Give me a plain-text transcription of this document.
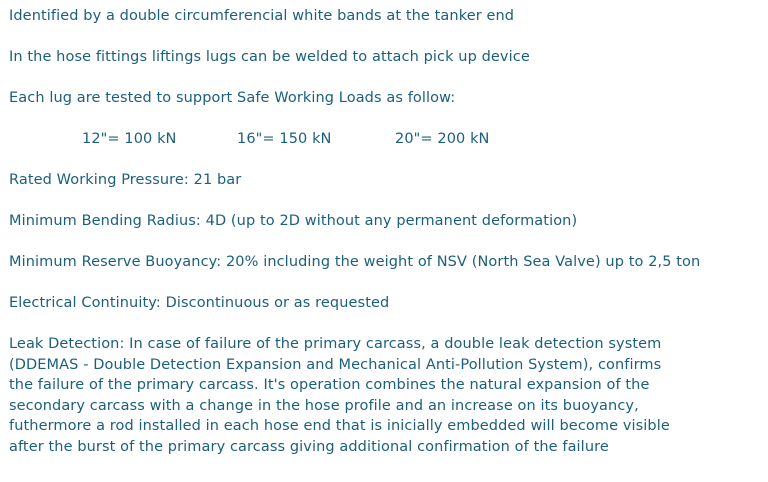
Identified by a double circumferencial white bands at the tanker end
In the hose fittings liftings lugs can be welded to attach pick up device
Each lug are tested to support Safe Working Loads as follow:
12"= 100 kN	16"= 150 kN	20"= 200 kN
Rated Working Pressure: 21 bar
Minimum Bending Radius: 4D (up to 2D without any permanent deformation)
Minimum Reserve Buoyancy: 20% including the weight of NSV (North Sea Valve) up to 2,5 ton
Electrical Continuity: Discontinuous or as requested
Leak Detection: In case of failure of the primary carcass, a double leak detection system
(DDEMAS - Double Detection Expansion and Mechanical Anti-Pollution System), confirms
the failure of the primary carcass. It's operation combines the natural expansion of the
secondary carcass with a change in the hose profile and an increase on its buoyancy,
futhermore a rod installed in each hose end that is inicially embedded will become visible
after the burst of the primary carcass giving additional confirmation of the failure
